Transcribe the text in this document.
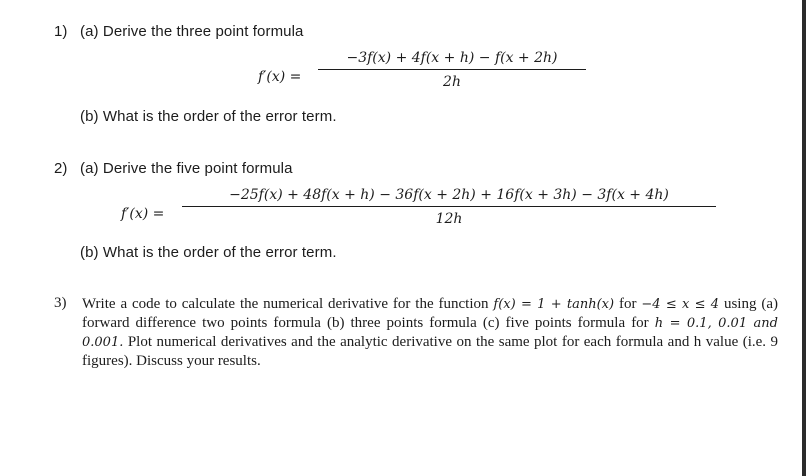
1) (a) Derive the three point formula
f′(x) =
−3f(x) + 4f(x + h) − f(x + 2h)
2h
(b) What is the order of the error term.
2) (a) Derive the five point formula
f′(x) =
−25f(x) + 48f(x + h) − 36f(x + 2h) + 16f(x + 3h) − 3f(x + 4h)
12h
(b) What is the order of the error term.
3) Write a code to calculate the numerical derivative for the function f(x) = 1 + tanh(x) for −4 ≤ x ≤ 4 using (a) forward difference two points formula (b) three points formula (c) five points formula for h = 0.1, 0.01 and 0.001. Plot numerical derivatives and the analytic derivative on the same plot for each formula and h value (i.e. 9 figures). Discuss your results.
